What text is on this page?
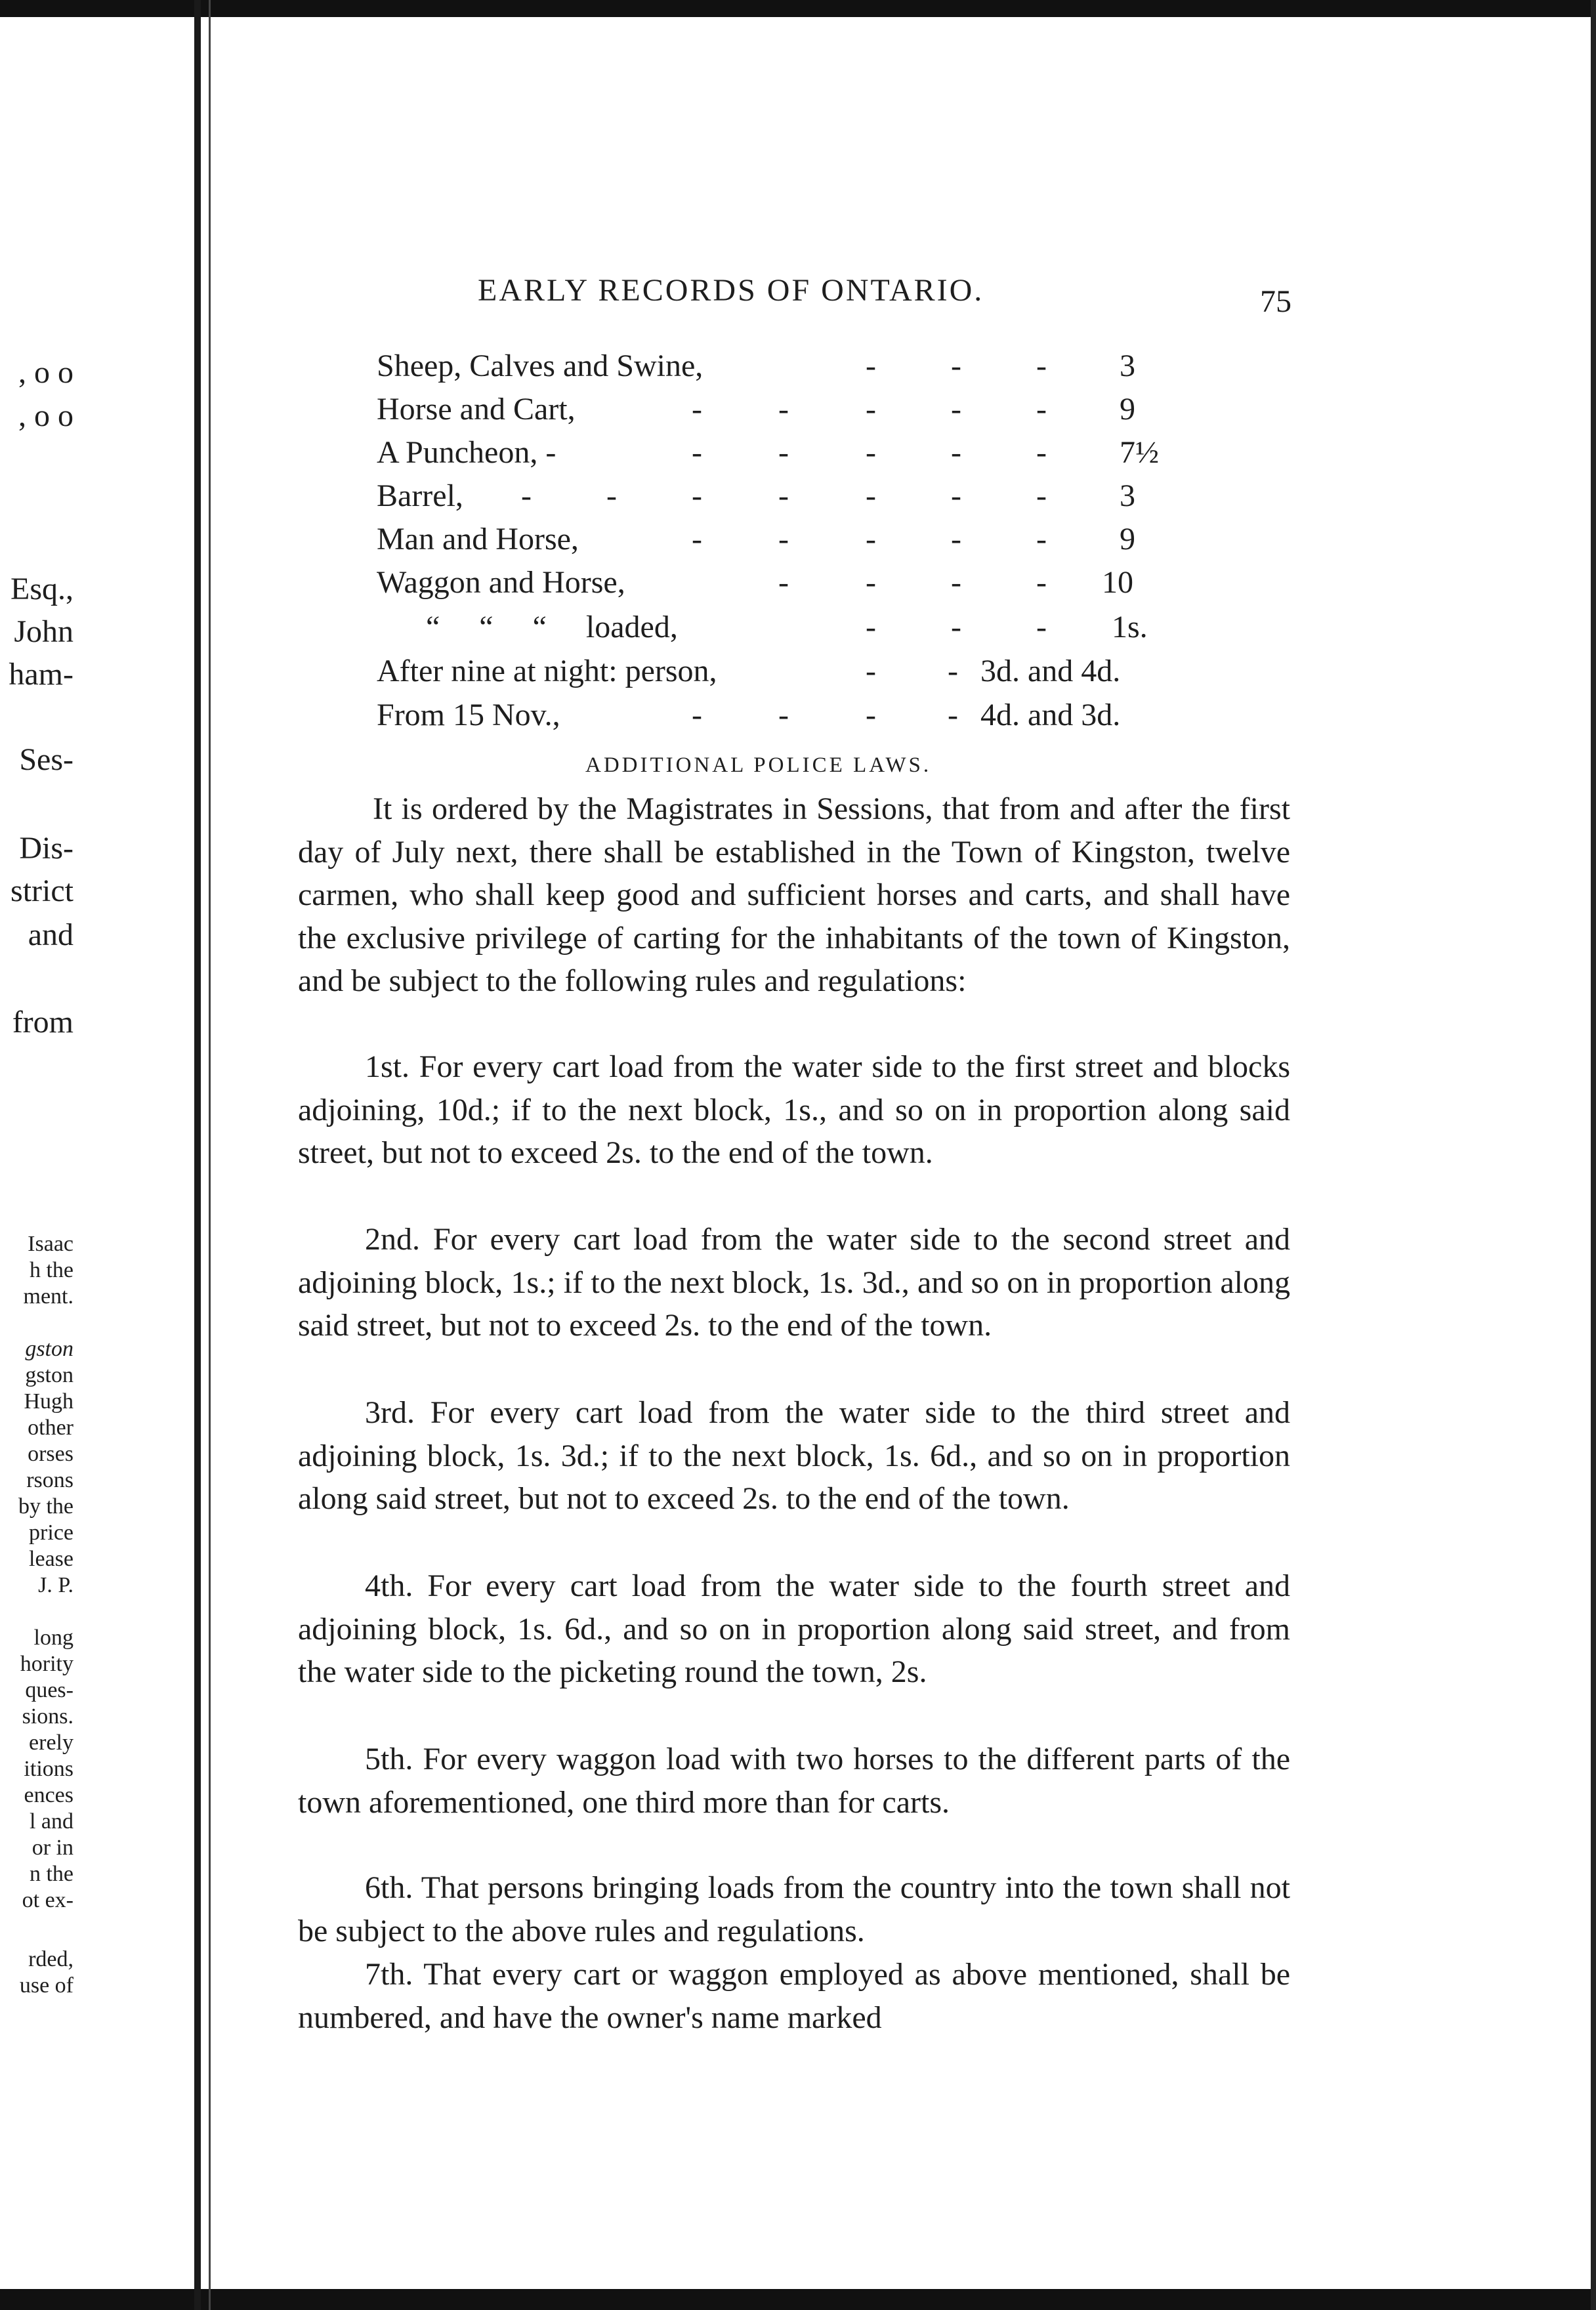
, o o
, o o
Esq.,
John
ham-
Ses-
Dis-
strict
and
from
Isaac
h the
ment.
gston
gston
Hugh
other
orses
rsons
by the
price
lease
J. P.
long
hority
ques-
sions.
erely
itions
ences
l and
or in
n the
ot ex-
rded,
use of
EARLY RECORDS OF ONTARIO.	75
Sheep, Calves and Swine,	- - - 3
Horse and Cart,	- - - - - 9
A Puncheon, -	- - - - - 7½
Barrel, - - - - - - - 3
Man and Horse,	- - - - - 9
Waggon and Horse,	- - - - 10
“     “     “     loaded,	- - - 1s.
After nine at night: person,	- - 3d. and 4d.
From 15 Nov.,	- - - - 4d. and 3d.
ADDITIONAL POLICE LAWS.

It is ordered by the Magistrates in Sessions, that from and after the first day of July next, there shall be established in the Town of Kingston, twelve carmen, who shall keep good and sufficient horses and carts, and shall have the exclusive privilege of carting for the inhabitants of the town of Kingston, and be subject to the following rules and regulations:

1st. For every cart load from the water side to the first street and blocks adjoining, 10d.; if to the next block, 1s., and so on in proportion along said street, but not to exceed 2s. to the end of the town.

2nd. For every cart load from the water side to the second street and adjoining block, 1s.; if to the next block, 1s. 3d., and so on in proportion along said street, but not to exceed 2s. to the end of the town.

3rd. For every cart load from the water side to the third street and adjoining block, 1s. 3d.; if to the next block, 1s. 6d., and so on in proportion along said street, but not to exceed 2s. to the end of the town.

4th. For every cart load from the water side to the fourth street and adjoining block, 1s. 6d., and so on in proportion along said street, and from the water side to the picketing round the town, 2s.

5th. For every waggon load with two horses to the different parts of the town aforementioned, one third more than for carts.

6th. That persons bringing loads from the country into the town shall not be subject to the above rules and regulations.

7th. That every cart or waggon employed as above mentioned, shall be numbered, and have the owner's name marked
